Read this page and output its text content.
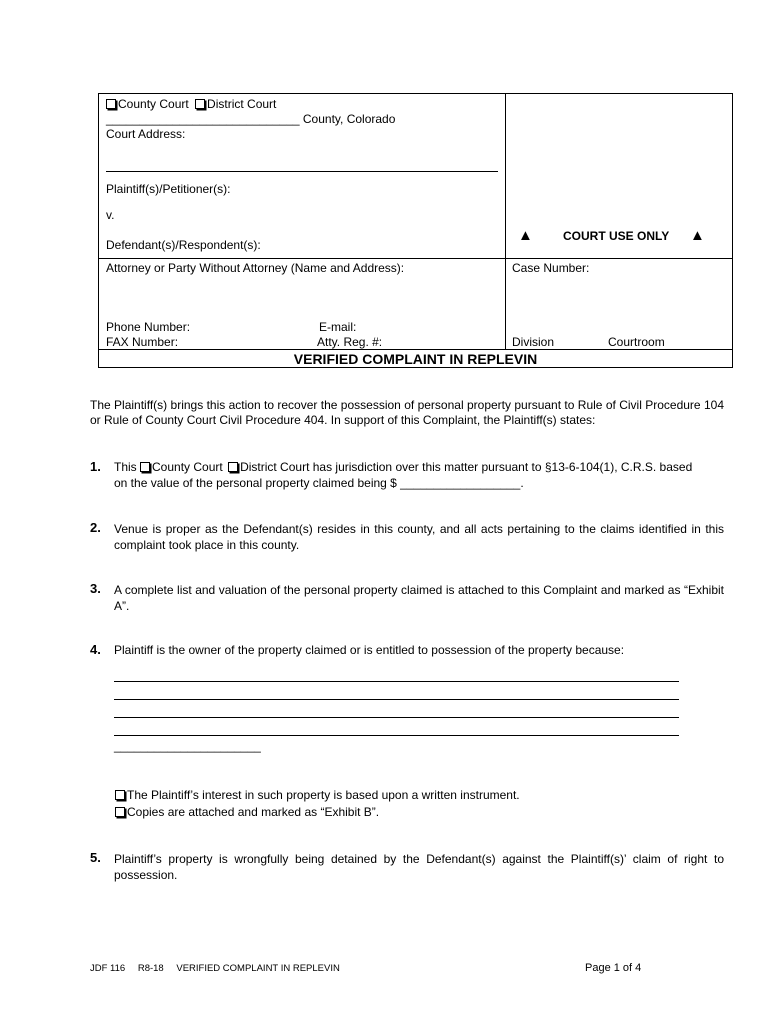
County Court District Court
_____________________________ County, Colorado
Court Address:
Plaintiff(s)/Petitioner(s):
v.
Defendant(s)/Respondent(s):
▲	COURT USE ONLY ▲
Attorney or Party Without Attorney (Name and Address):	Case Number:
Phone Number:	E-mail:
FAX Number:	Atty. Reg. #:	Division	Courtroom
VERIFIED COMPLAINT IN REPLEVIN
The Plaintiff(s) brings this action to recover the possession of personal property pursuant to Rule of Civil Procedure 104 or Rule of County Court Civil Procedure 404. In support of this Complaint, the Plaintiff(s) states:
1. This County Court District Court has jurisdiction over this matter pursuant to §13-6-104(1), C.R.S. based
on the value of the personal property claimed being $ __________________.
2. Venue is proper as the Defendant(s) resides in this county, and all acts pertaining to the claims identified in this complaint took place in this county.
3. A complete list and valuation of the personal property claimed is attached to this Complaint and marked as “Exhibit A”.
4. Plaintiff is the owner of the property claimed or is entitled to possession of the property because:
______________________
The Plaintiff’s interest in such property is based upon a written instrument.
Copies are attached and marked as “Exhibit B”.
5. Plaintiff’s property is wrongfully being detained by the Defendant(s) against the Plaintiff(s)’ claim of right to possession.
JDF 116 R8-18 VERIFIED COMPLAINT IN REPLEVIN	Page 1 of 4
